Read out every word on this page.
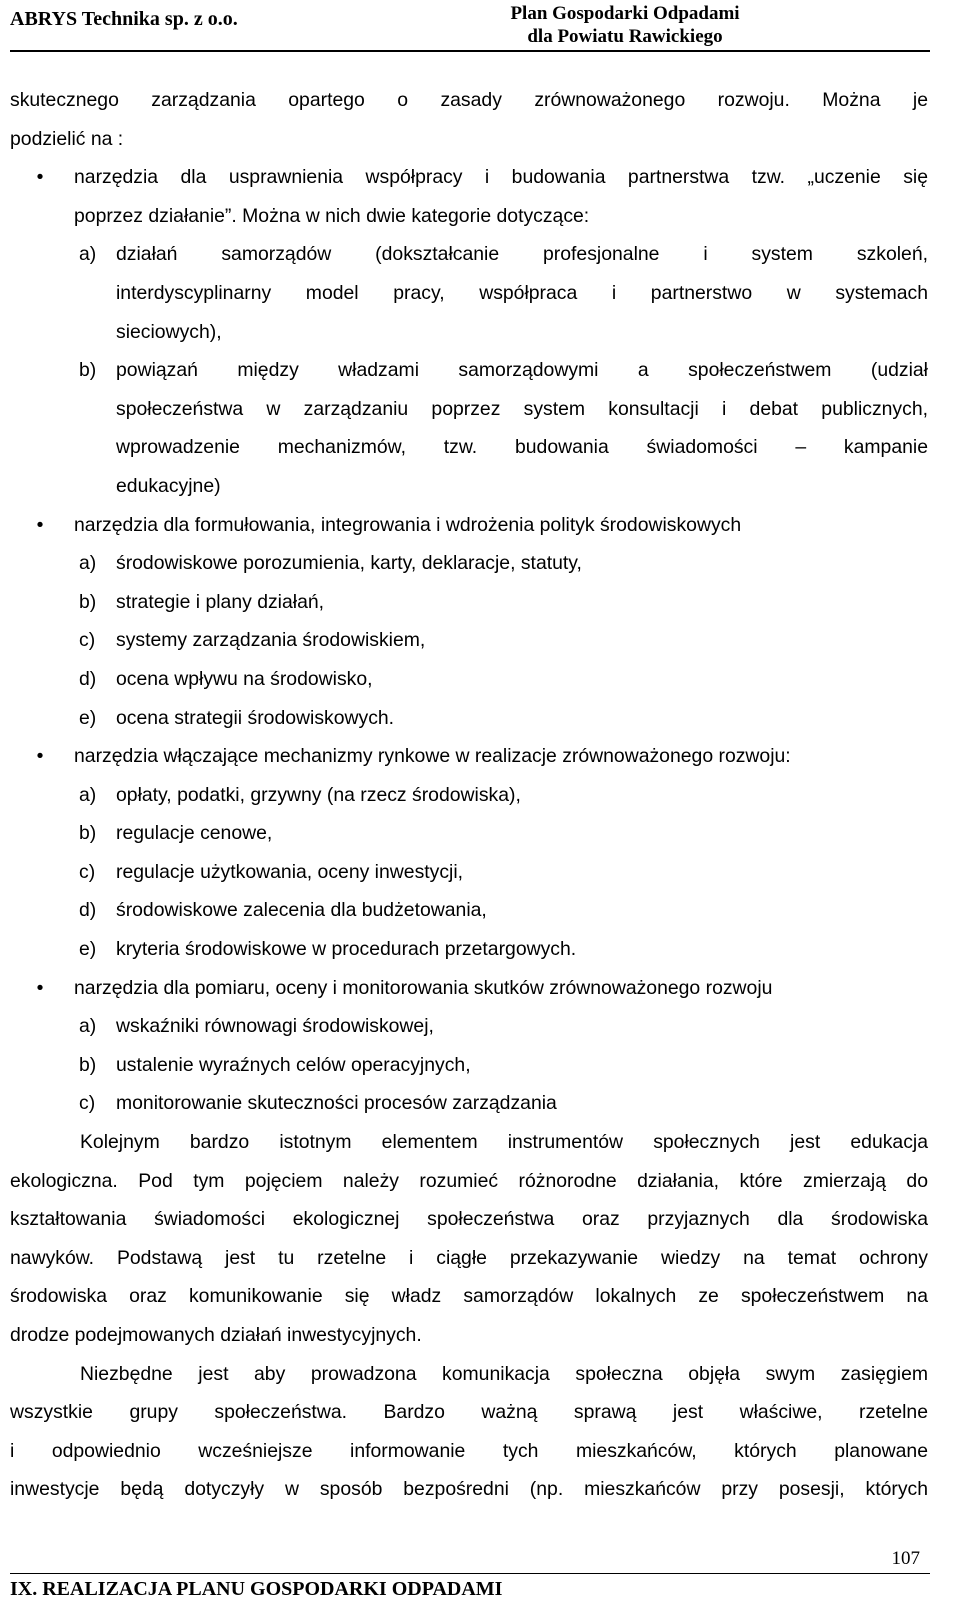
ABRYS Technika sp. z o.o.	Plan Gospodarki Odpadami
dla Powiatu Rawickiego

skutecznego zarządzania opartego o zasady zrównoważonego rozwoju. Można je

podzielić na :

• narzędzia dla usprawnienia współpracy i budowania partnerstwa tzw. „uczenie się

poprzez działanie”. Można w nich dwie kategorie dotyczące:

a) działań samorządów (dokształcanie profesjonalne i system szkoleń,

interdyscyplinarny model pracy, współpraca i partnerstwo w systemach

sieciowych),

b) powiązań między władzami samorządowymi a społeczeństwem (udział

społeczeństwa w zarządzaniu poprzez system konsultacji i debat publicznych,

wprowadzenie mechanizmów, tzw. budowania świadomości – kampanie

edukacyjne)

• narzędzia dla formułowania, integrowania i wdrożenia polityk środowiskowych

a) środowiskowe porozumienia, karty, deklaracje, statuty,

b) strategie i plany działań,

c) systemy zarządzania środowiskiem,

d) ocena wpływu na środowisko,

e) ocena strategii środowiskowych.

• narzędzia włączające mechanizmy rynkowe w realizacje zrównoważonego rozwoju:

a) opłaty, podatki, grzywny (na rzecz środowiska),

b) regulacje cenowe,

c) regulacje użytkowania, oceny inwestycji,

d) środowiskowe zalecenia dla budżetowania,

e) kryteria środowiskowe w procedurach przetargowych.

• narzędzia dla pomiaru, oceny i monitorowania skutków zrównoważonego rozwoju

a) wskaźniki równowagi środowiskowej,

b) ustalenie wyraźnych celów operacyjnych,

c) monitorowanie skuteczności procesów zarządzania

Kolejnym bardzo istotnym elementem instrumentów społecznych jest edukacja

ekologiczna. Pod tym pojęciem należy rozumieć różnorodne działania, które zmierzają do

kształtowania świadomości ekologicznej społeczeństwa oraz przyjaznych dla środowiska

nawyków. Podstawą jest tu rzetelne i ciągłe przekazywanie wiedzy na temat ochrony

środowiska oraz komunikowanie się władz samorządów lokalnych ze społeczeństwem na

drodze podejmowanych działań inwestycyjnych.

Niezbędne jest aby prowadzona komunikacja społeczna objęła swym zasięgiem

wszystkie grupy społeczeństwa. Bardzo ważną sprawą jest właściwe, rzetelne

i odpowiednio wcześniejsze informowanie tych mieszkańców, których planowane

inwestycje będą dotyczyły w sposób bezpośredni (np. mieszkańców przy posesji, których

107
IX. REALIZACJA PLANU GOSPODARKI ODPADAMI
